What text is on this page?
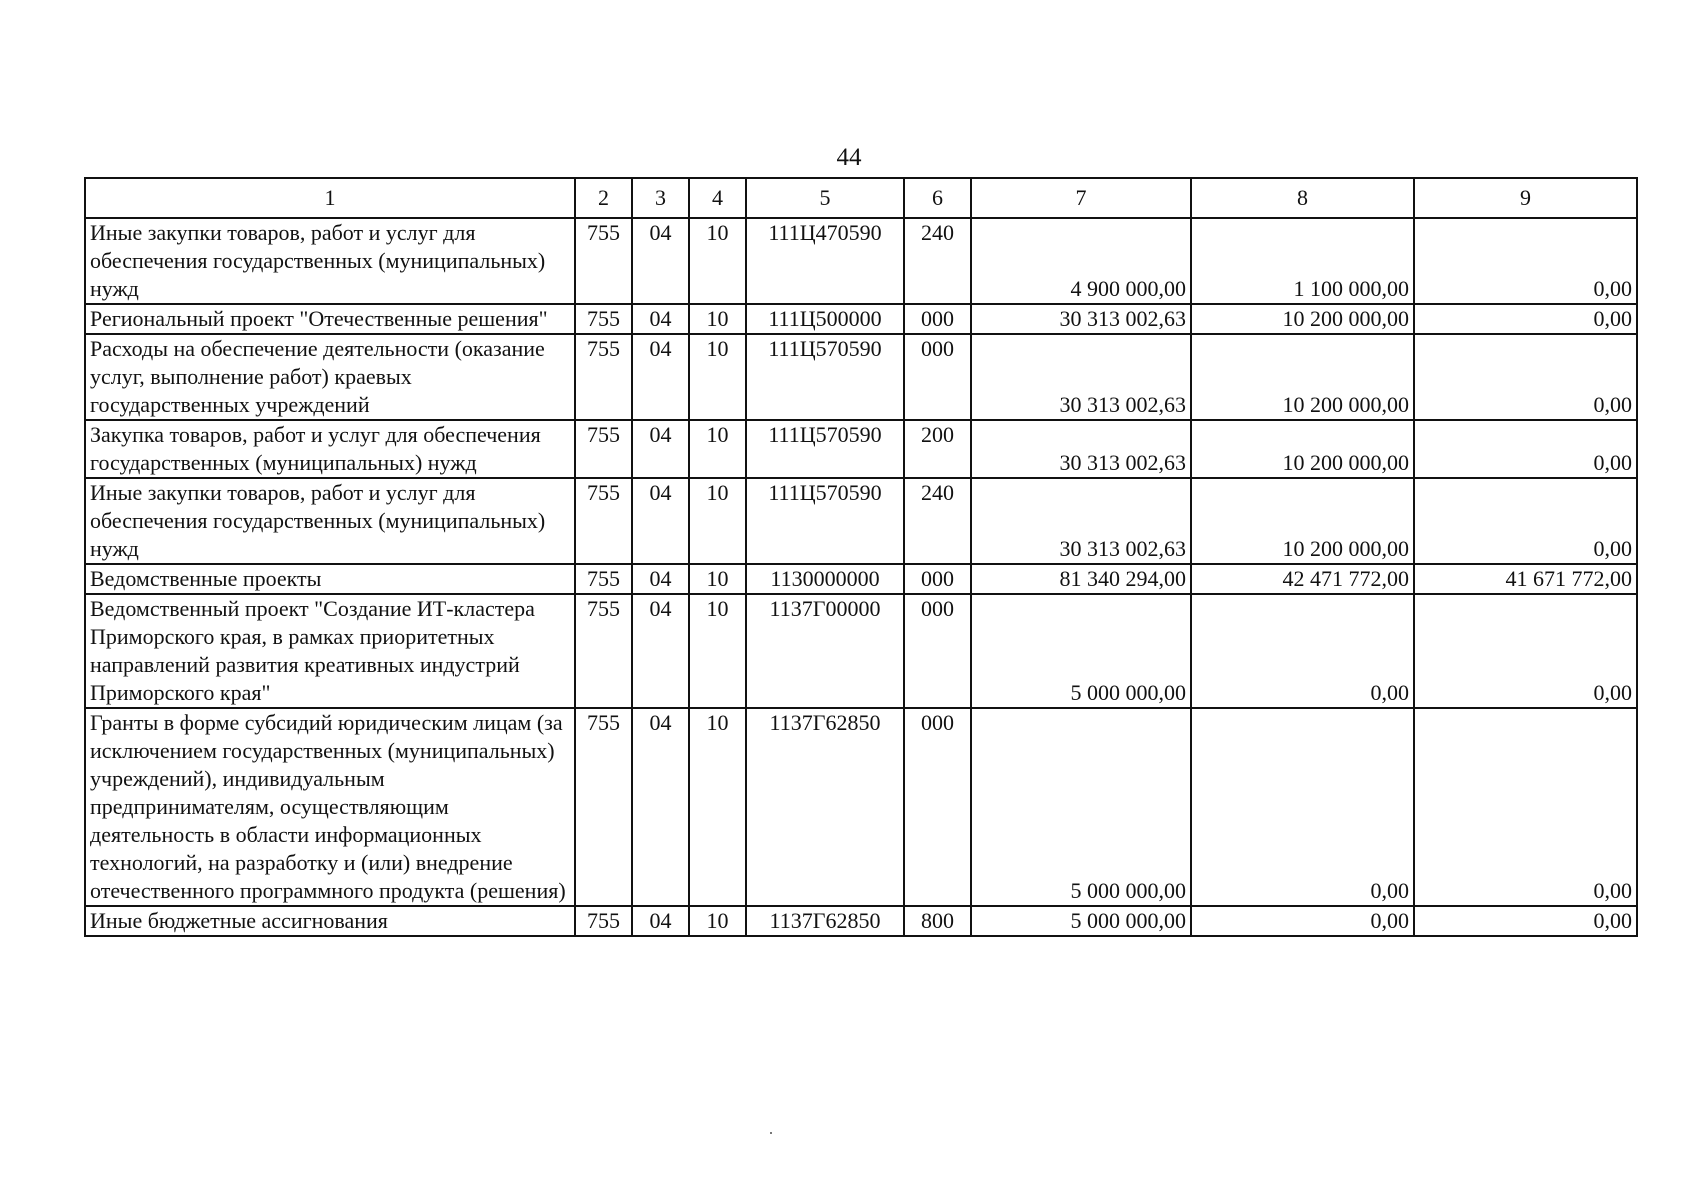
44
1	2	3	4	5	6	7	8	9
Иные закупки товаров, работ и услуг для обеспечения государственных (муниципальных) нужд	755	04	10	111Ц470590	240	4 900 000,00	1 100 000,00	0,00
Региональный проект "Отечественные решения"	755	04	10	111Ц500000	000	30 313 002,63	10 200 000,00	0,00
Расходы на обеспечение деятельности (оказание услуг, выполнение работ) краевых государственных учреждений	755	04	10	111Ц570590	000	30 313 002,63	10 200 000,00	0,00
Закупка товаров, работ и услуг для обеспечения государственных (муниципальных) нужд	755	04	10	111Ц570590	200	30 313 002,63	10 200 000,00	0,00
Иные закупки товаров, работ и услуг для обеспечения государственных (муниципальных) нужд	755	04	10	111Ц570590	240	30 313 002,63	10 200 000,00	0,00
Ведомственные проекты	755	04	10	1130000000	000	81 340 294,00	42 471 772,00	41 671 772,00
Ведомственный проект "Создание ИТ-кластера Приморского края, в рамках приоритетных направлений развития креативных индустрий Приморского края"	755	04	10	1137Г00000	000	5 000 000,00	0,00	0,00
Гранты в форме субсидий юридическим лицам (за исключением государственных (муниципальных) учреждений), индивидуальным предпринимателям, осуществляющим деятельность в области информационных технологий, на разработку и (или) внедрение отечественного программного продукта (решения)	755	04	10	1137Г62850	000	5 000 000,00	0,00	0,00
Иные бюджетные ассигнования	755	04	10	1137Г62850	800	5 000 000,00	0,00	0,00
